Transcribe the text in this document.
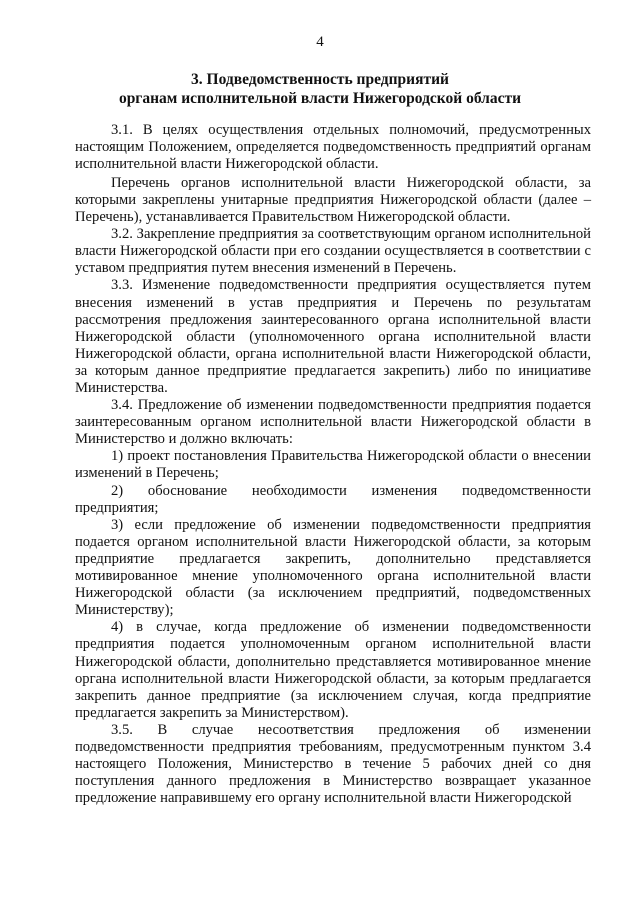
4
3. Подведомственность предприятий
органам исполнительной власти Нижегородской области

3.1. В целях осуществления отдельных полномочий, предусмотренных настоящим Положением, определяется подведомственность предприятий органам исполнительной власти Нижегородской области.

Перечень органов исполнительной власти Нижегородской области, за которыми закреплены унитарные предприятия Нижегородской области (далее – Перечень), устанавливается Правительством Нижегородской области.

3.2. Закрепление предприятия за соответствующим органом исполнительной власти Нижегородской области при его создании осуществляется в соответствии с уставом предприятия путем внесения изменений в Перечень.

3.3. Изменение подведомственности предприятия осуществляется путем внесения изменений в устав предприятия и Перечень по результатам рассмотрения предложения заинтересованного органа исполнительной власти Нижегородской области (уполномоченного органа исполнительной власти Нижегородской области, органа исполнительной власти Нижегородской области, за которым данное предприятие предлагается закрепить) либо по инициативе Министерства.

3.4. Предложение об изменении подведомственности предприятия подается заинтересованным органом исполнительной власти Нижегородской области в Министерство и должно включать:

1) проект постановления Правительства Нижегородской области о внесении изменений в Перечень;

2) обоснование необходимости изменения подведомственности предприятия;

3) если предложение об изменении подведомственности предприятия подается органом исполнительной власти Нижегородской области, за которым предприятие предлагается закрепить, дополнительно представляется мотивированное мнение уполномоченного органа исполнительной власти Нижегородской области (за исключением предприятий, подведомственных Министерству);

4) в случае, когда предложение об изменении подведомственности предприятия подается уполномоченным органом исполнительной власти Нижегородской области, дополнительно представляется мотивированное мнение органа исполнительной власти Нижегородской области, за которым предлагается закрепить данное предприятие (за исключением случая, когда предприятие предлагается закрепить за Министерством).

3.5. В случае несоответствия предложения об изменении подведомственности предприятия требованиям, предусмотренным пунктом 3.4 настоящего Положения, Министерство в течение 5 рабочих дней со дня поступления данного предложения в Министерство возвращает указанное предложение направившему его органу исполнительной власти Нижегородской
